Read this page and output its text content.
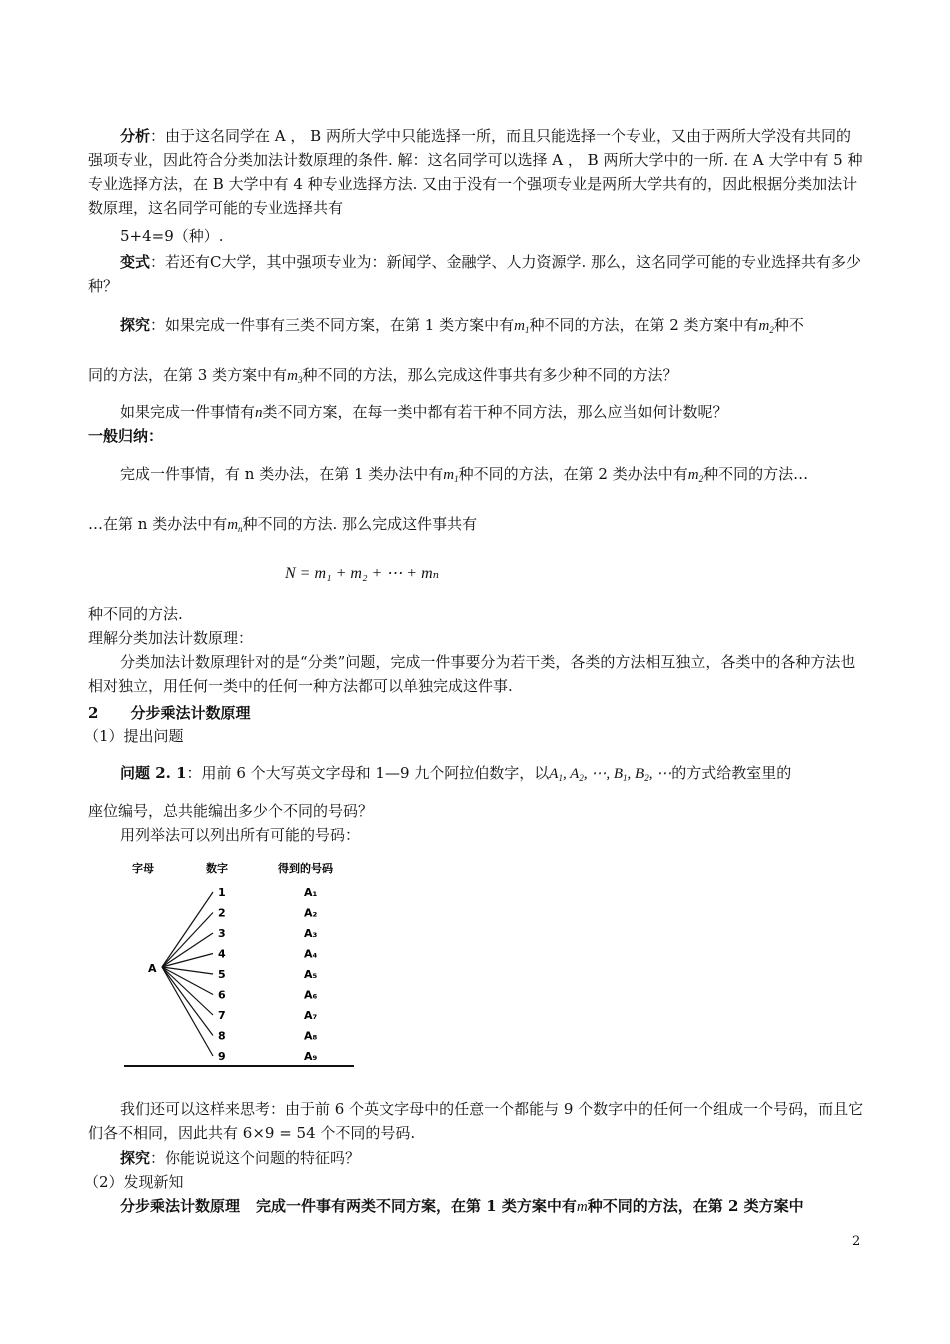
分析：由于这名同学在 A ， B 两所大学中只能选择一所，而且只能选择一个专业，又由于两所大学没有共同的强项专业，因此符合分类加法计数原理的条件. 解：这名同学可以选择 A ， B 两所大学中的一所. 在 A 大学中有 5 种专业选择方法，在 B 大学中有 4 种专业选择方法. 又由于没有一个强项专业是两所大学共有的，因此根据分类加法计数原理，这名同学可能的专业选择共有

5+4=9（种）.

变式：若还有C大学，其中强项专业为：新闻学、金融学、人力资源学. 那么，这名同学可能的专业选择共有多少种？

探究：如果完成一件事有三类不同方案，在第 1 类方案中有$m_1$种不同的方法，在第 2 类方案中有$m_2$种不

同的方法，在第 3 类方案中有$m_3$种不同的方法，那么完成这件事共有多少种不同的方法？

如果完成一件事情有n类不同方案，在每一类中都有若干种不同方法，那么应当如何计数呢？

一般归纳：

完成一件事情，有 n 类办法，在第 1 类办法中有$m_1$种不同的方法，在第 2 类办法中有$m_2$种不同的方法…

…在第 n 类办法中有$m_n$种不同的方法. 那么完成这件事共有

N = m₁ + m₂ + ⋯ + mₙ

种不同的方法.

理解分类加法计数原理：

分类加法计数原理针对的是“分类”问题，完成一件事要分为若干类，各类的方法相互独立，各类中的各种方法也相对独立，用任何一类中的任何一种方法都可以单独完成这件事.

2 分步乘法计数原理

（1）提出问题

问题 2. 1：用前 6 个大写英文字母和 1—9 九个阿拉伯数字，以$A_1$, $A_2$, ⋯, $B_1$, $B_2$, ⋯的方式给教室里的

座位编号，总共能编出多少个不同的号码？

用列举法可以列出所有可能的号码：

字母	数字	得到的号码
A
1	A₁
2	A₂
3	A₃
4	A₄
5	A₅
6	A₆
7	A₇
8	A₈
9	A₉

我们还可以这样来思考：由于前 6 个英文字母中的任意一个都能与 9 个数字中的任何一个组成一个号码，而且它们各不相同，因此共有 6×9 = 54 个不同的号码.

探究：你能说说这个问题的特征吗？

（2）发现新知

分步乘法计数原理 完成一件事有两类不同方案，在第 1 类方案中有m种不同的方法，在第 2 类方案中

2
